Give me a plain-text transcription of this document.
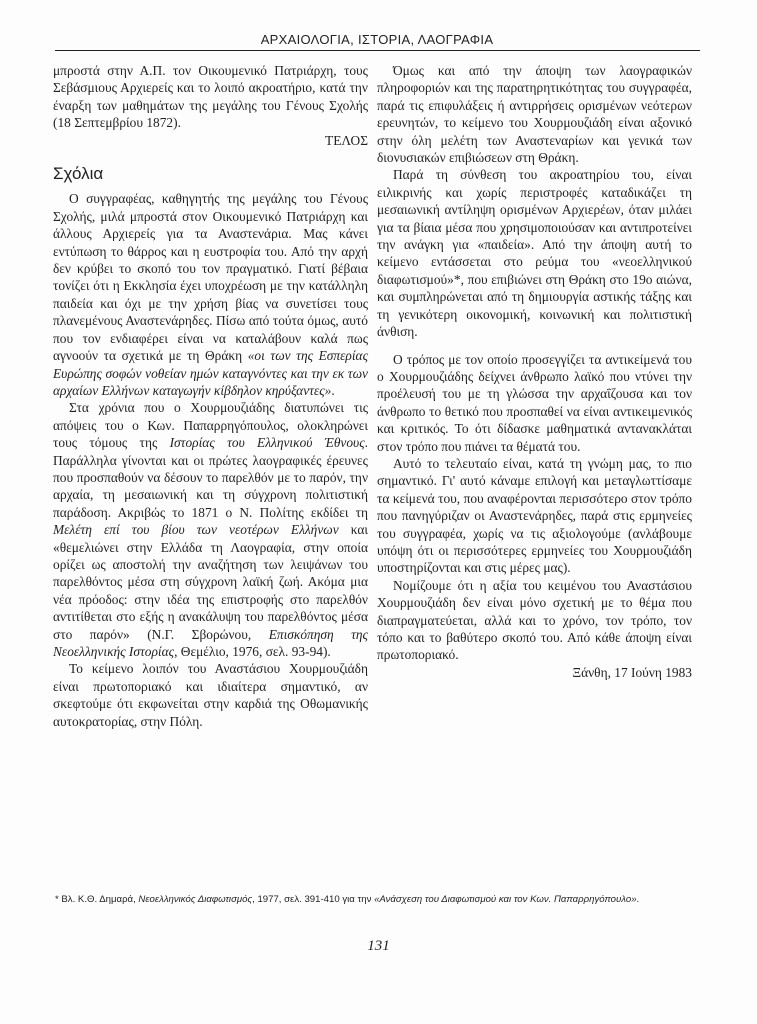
ΑΡΧΑΙΟΛΟΓΙΑ, ΙΣΤΟΡΙΑ, ΛΑΟΓΡΑΦΙΑ

μπροστά στην Α.Π. τον Οικουμενικό Πατριάρχη, τους Σεβάσμιους Αρχιερείς και το λοιπό ακροατήριο, κατά την έναρξη των μαθημάτων της μεγάλης του Γένους Σχολής (18 Σεπτεμβρίου 1872).

ΤΕΛΟΣ

Σχόλια

Ο συγγραφέας, καθηγητής της μεγάλης του Γένους Σχολής, μιλά μπροστά στον Οικουμενικό Πατριάρχη και άλλους Αρχιερείς για τα Αναστενάρια. Μας κάνει εντύπωση το θάρρος και η ευστροφία του. Από την αρχή δεν κρύβει το σκοπό του τον πραγματικό. Γιατί βέβαια τονίζει ότι η Εκκλησία έχει υποχρέωση με την κατάλληλη παιδεία και όχι με την χρήση βίας να συνετίσει τους πλανεμένους Αναστενάρηδες. Πίσω από τούτα όμως, αυτό που τον ενδιαφέρει είναι να καταλάβουν καλά πως αγνοούν τα σχετικά με τη Θράκη «οι των της Εσπερίας Ευρώπης σοφών νοθείαν ημών καταγνόντες και την εκ των αρχαίων Ελλήνων καταγωγήν κίβδηλον κηρύξαντες».

Στα χρόνια που ο Χουρμουζιάδης διατυπώνει τις απόψεις του ο Κων. Παπαρρηγόπουλος, ολοκληρώνει τους τόμους της Ιστορίας του Ελληνικού Έθνους. Παράλληλα γίνονται και οι πρώτες λαογραφικές έρευνες που προσπαθούν να δέσουν το παρελθόν με το παρόν, την αρχαία, τη μεσαιωνική και τη σύγχρονη πολιτιστική παράδοση. Ακριβώς το 1871 ο Ν. Πολίτης εκδίδει τη Μελέτη επί του βίου των νεοτέρων Ελλήνων και «θεμελιώνει στην Ελλάδα τη Λαογραφία, στην οποία ορίζει ως αποστολή την αναζήτηση των λειψάνων του παρελθόντος μέσα στη σύγχρονη λαϊκή ζωή. Ακόμα μια νέα πρόοδος: στην ιδέα της επιστροφής στο παρελθόν αντιτίθεται στο εξής η ανακάλυψη του παρελθόντος μέσα στο παρόν» (Ν.Γ. Σβορώνου, Επισκόπηση της Νεοελληνικής Ιστορίας, Θεμέλιο, 1976, σελ. 93-94).

Το κείμενο λοιπόν του Αναστάσιου Χουρμουζιάδη είναι πρωτοποριακό και ιδιαίτερα σημαντικό, αν σκεφτούμε ότι εκφωνείται στην καρδιά της Οθωμανικής αυτοκρατορίας, στην Πόλη.

Όμως και από την άποψη των λαογραφικών πληροφοριών και της παρατηρητικότητας του συγγραφέα, παρά τις επιφυλάξεις ή αντιρρήσεις ορισμένων νεότερων ερευνητών, το κείμενο του Χουρμουζιάδη είναι αξονικό στην όλη μελέτη των Αναστεναρίων και γενικά των διονυσιακών επιβιώσεων στη Θράκη.

Παρά τη σύνθεση του ακροατηρίου του, είναι ειλικρινής και χωρίς περιστροφές καταδικάζει τη μεσαιωνική αντίληψη ορισμένων Αρχιερέων, όταν μιλάει για τα βίαια μέσα που χρησιμοποιούσαν και αντιπροτείνει την ανάγκη για «παιδεία». Από την άποψη αυτή το κείμενο εντάσσεται στο ρεύμα του «νεοελληνικού διαφωτισμού»*, που επιβιώνει στη Θράκη στο 19ο αιώνα, και συμπληρώνεται από τη δημιουργία αστικής τάξης και τη γενικότερη οικονομική, κοινωνική και πολιτιστική άνθιση.

Ο τρόπος με τον οποίο προσεγγίζει τα αντικείμενά του ο Χουρμουζιάδης δείχνει άνθρωπο λαϊκό που ντύνει την προέλευσή του με τη γλώσσα την αρχαΐζουσα και τον άνθρωπο το θετικό που προσπαθεί να είναι αντικειμενικός και κριτικός. Το ότι δίδασκε μαθηματικά αντανακλάται στον τρόπο που πιάνει τα θέματά του.

Αυτό το τελευταίο είναι, κατά τη γνώμη μας, το πιο σημαντικό. Γι' αυτό κάναμε επιλογή και μεταγλωττίσαμε τα κείμενά του, που αναφέρονται περισσότερο στον τρόπο που πανηγύριζαν οι Αναστενάρηδες, παρά στις ερμηνείες του συγγραφέα, χωρίς να τις αξιολογούμε (ανλάβουμε υπόψη ότι οι περισσότερες ερμηνείες του Χουρμουζιάδη υποστηρίζονται και στις μέρες μας).

Νομίζουμε ότι η αξία του κειμένου του Αναστάσιου Χουρμουζιάδη δεν είναι μόνο σχετική με το θέμα που διαπραγματεύεται, αλλά και το χρόνο, τον τρόπο, τον τόπο και το βαθύτερο σκοπό του. Από κάθε άποψη είναι πρωτοποριακό.

Ξάνθη, 17 Ιούνη 1983

* Βλ. Κ.Θ. Δημαρά, Νεοελληνικός Διαφωτισμός, 1977, σελ. 391-410 για την «Ανάσχεση του Διαφωτισμού και τον Κων. Παπαρρηγόπουλο».
131
